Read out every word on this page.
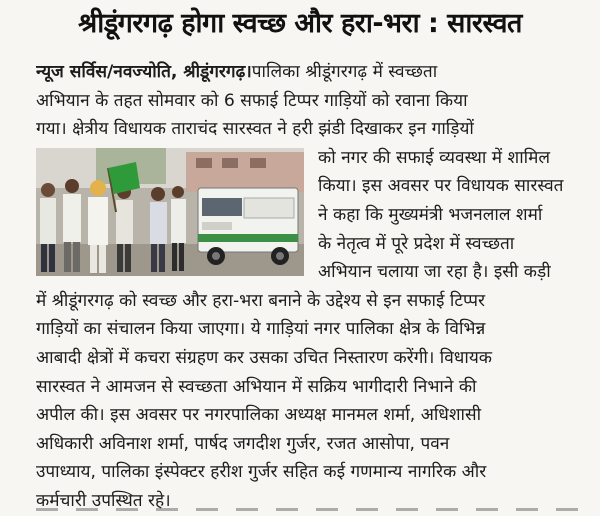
श्रीडूंगरगढ़ होगा स्वच्छ और हरा-भरा : सारस्वत
न्यूज सर्विस/नवज्योति, श्रीडूंगरगढ़।पालिका श्रीडूंगरगढ़ में स्वच्छता
अभियान के तहत सोमवार को 6 सफाई टिप्पर गाड़ियों को रवाना किया
गया। क्षेत्रीय विधायक ताराचंद सारस्वत ने हरी झंडी दिखाकर इन गाड़ियों
को नगर की सफाई व्यवस्था में शामिल
किया। इस अवसर पर विधायक सारस्वत
ने कहा कि मुख्यमंत्री भजनलाल शर्मा
के नेतृत्व में पूरे प्रदेश में स्वच्छता
अभियान चलाया जा रहा है। इसी कड़ी
में श्रीडूंगरगढ़ को स्वच्छ और हरा-भरा बनाने के उद्देश्य से इन सफाई टिप्पर
गाड़ियों का संचालन किया जाएगा। ये गाड़ियां नगर पालिका क्षेत्र के विभिन्न
आबादी क्षेत्रों में कचरा संग्रहण कर उसका उचित निस्तारण करेंगी। विधायक
सारस्वत ने आमजन से स्वच्छता अभियान में सक्रिय भागीदारी निभाने की
अपील की। इस अवसर पर नगरपालिका अध्यक्ष मानमल शर्मा, अधिशासी
अधिकारी अविनाश शर्मा, पार्षद जगदीश गुर्जर, रजत आसोपा, पवन
उपाध्याय, पालिका इंस्पेक्टर हरीश गुर्जर सहित कई गणमान्य नागरिक और
कर्मचारी उपस्थित रहे।
